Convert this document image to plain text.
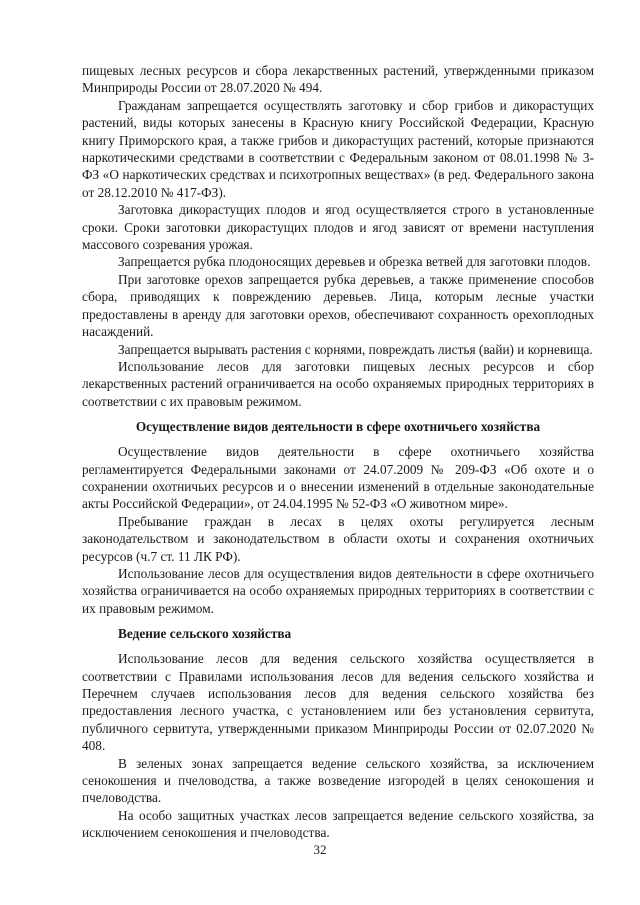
пищевых лесных ресурсов и сбора лекарственных растений, утвержденными приказом Минприроды России от 28.07.2020 № 494.

Гражданам запрещается осуществлять заготовку и сбор грибов и дикорастущих растений, виды которых занесены в Красную книгу Российской Федерации, Красную книгу Приморского края, а также грибов и дикорастущих растений, которые признаются наркотическими средствами в соответствии с Федеральным законом от 08.01.1998 № 3-ФЗ «О наркотических средствах и психотропных веществах» (в ред. Федерального закона от 28.12.2010 № 417-ФЗ).

Заготовка дикорастущих плодов и ягод осуществляется строго в установленные сроки. Сроки заготовки дикорастущих плодов и ягод зависят от времени наступления массового созревания урожая.

Запрещается рубка плодоносящих деревьев и обрезка ветвей для заготовки плодов.

При заготовке орехов запрещается рубка деревьев, а также применение способов сбора, приводящих к повреждению деревьев. Лица, которым лесные участки предоставлены в аренду для заготовки орехов, обеспечивают сохранность орехоплодных насаждений.

Запрещается вырывать растения с корнями, повреждать листья (вайи) и корневища.

Использование лесов для заготовки пищевых лесных ресурсов и сбор лекарственных растений ограничивается на особо охраняемых природных территориях в соответствии с их правовым режимом.

Осуществление видов деятельности в сфере охотничьего хозяйства

Осуществление видов деятельности в сфере охотничьего хозяйства регламентируется Федеральными законами от 24.07.2009 № 209-ФЗ «Об охоте и о сохранении охотничьих ресурсов и о внесении изменений в отдельные законодательные акты Российской Федерации», от 24.04.1995 № 52-ФЗ «О животном мире».

Пребывание граждан в лесах в целях охоты регулируется лесным законодательством и законодательством в области охоты и сохранения охотничьих ресурсов (ч.7 ст. 11 ЛК РФ).

Использование лесов для осуществления видов деятельности в сфере охотничьего хозяйства ограничивается на особо охраняемых природных территориях в соответствии с их правовым режимом.

Ведение сельского хозяйства

Использование лесов для ведения сельского хозяйства осуществляется в соответствии с Правилами использования лесов для ведения сельского хозяйства и Перечнем случаев использования лесов для ведения сельского хозяйства без предоставления лесного участка, с установлением или без установления сервитута, публичного сервитута, утвержденными приказом Минприроды России от 02.07.2020 № 408.

В зеленых зонах запрещается ведение сельского хозяйства, за исключением сенокошения и пчеловодства, а также возведение изгородей в целях сенокошения и пчеловодства.

На особо защитных участках лесов запрещается ведение сельского хозяйства, за исключением сенокошения и пчеловодства.

32
